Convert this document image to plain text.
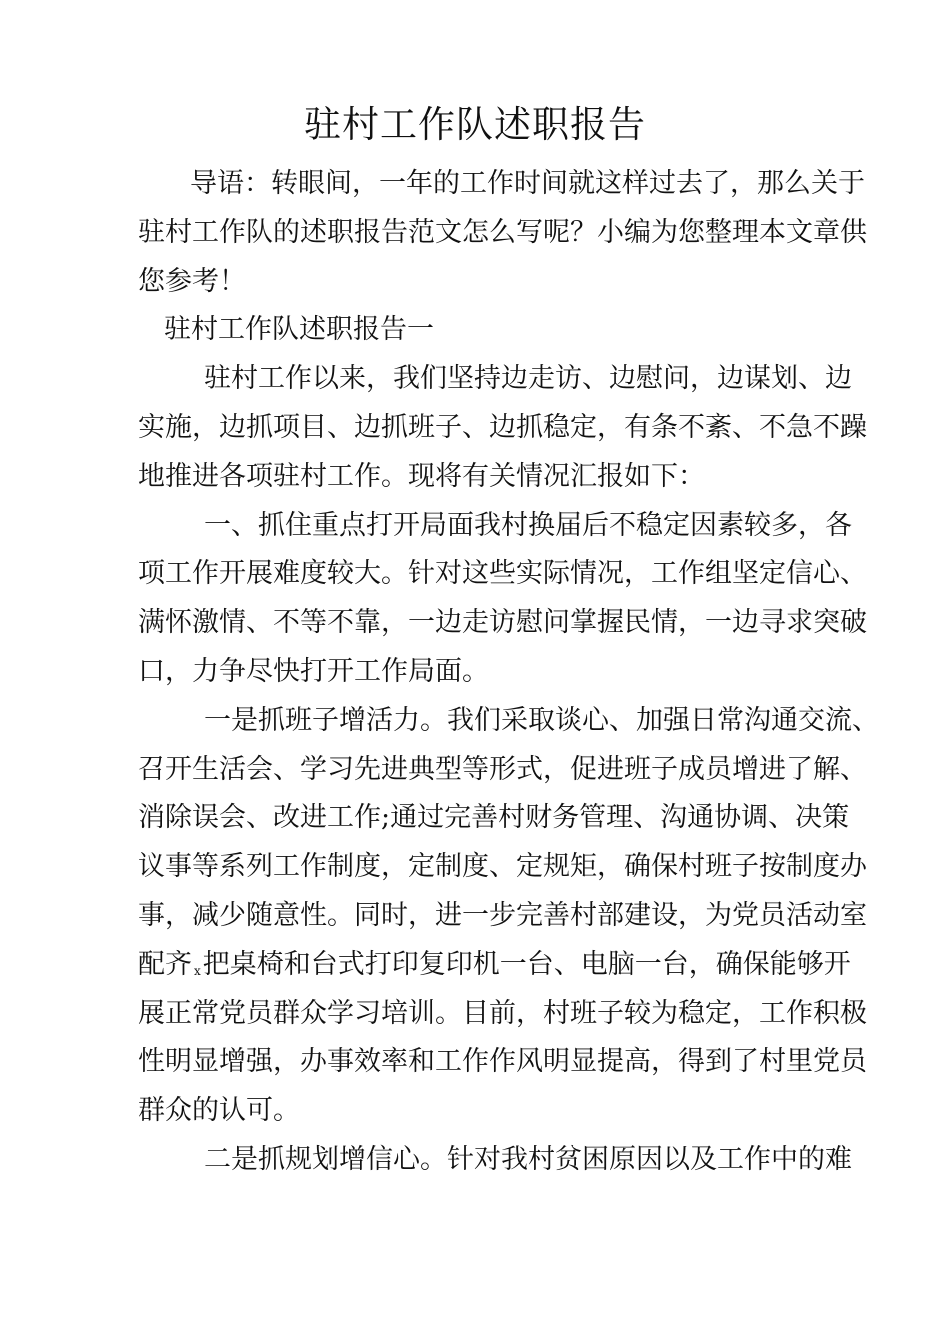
驻村工作队述职报告
导语：转眼间，一年的工作时间就这样过去了，那么关于
驻村工作队的述职报告范文怎么写呢？小编为您整理本文章供
您参考！
驻村工作队述职报告一
驻村工作以来，我们坚持边走访、边慰问，边谋划、边
实施，边抓项目、边抓班子、边抓稳定，有条不紊、不急不躁
地推进各项驻村工作。现将有关情况汇报如下：
一、抓住重点打开局面我村换届后不稳定因素较多，各
项工作开展难度较大。针对这些实际情况，工作组坚定信心、
满怀激情、不等不靠，一边走访慰问掌握民情，一边寻求突破
口，力争尽快打开工作局面。
一是抓班子增活力。我们采取谈心、加强日常沟通交流、
召开生活会、学习先进典型等形式，促进班子成员增进了解、
消除误会、改进工作;通过完善村财务管理、沟通协调、决策
议事等系列工作制度，定制度、定规矩，确保村班子按制度办
事，减少随意性。同时，进一步完善村部建设，为党员活动室
配齐 x把桌椅和台式打印复印机一台、电脑一台，确保能够开
展正常党员群众学习培训。目前，村班子较为稳定，工作积极
性明显增强，办事效率和工作作风明显提高，得到了村里党员
群众的认可。
二是抓规划增信心。针对我村贫困原因以及工作中的难
